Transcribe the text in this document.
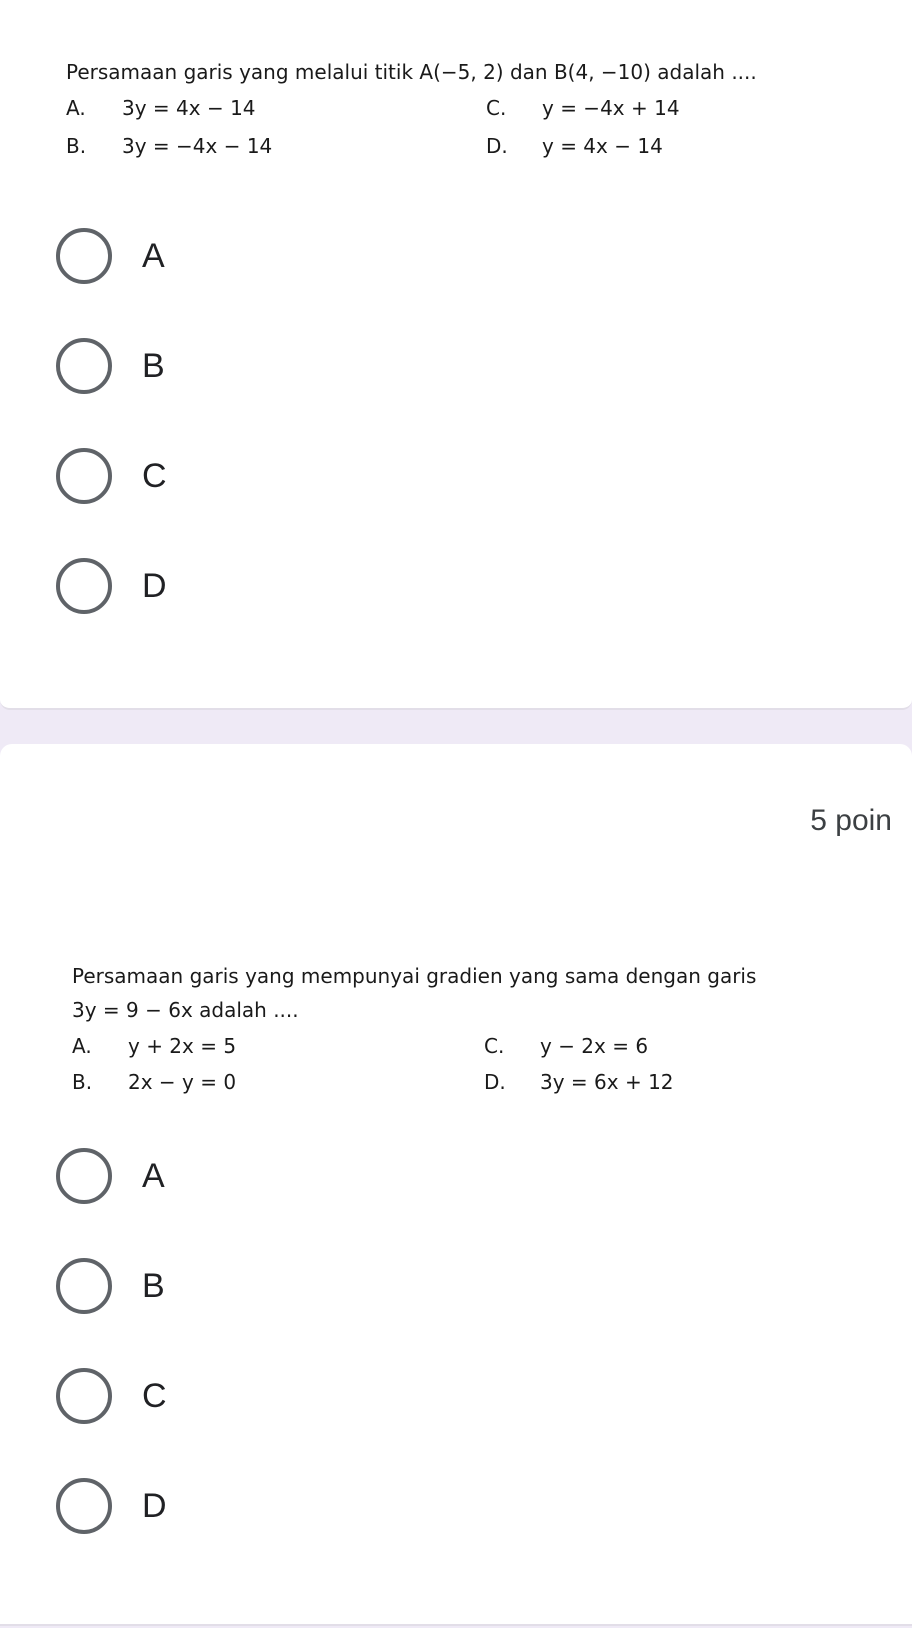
Persamaan garis yang melalui titik A(−5, 2) dan B(4, −10) adalah ....
A. 3y = 4x − 14
B. 3y = −4x − 14
C. y = −4x + 14
D. y = 4x − 14
A
B
C
D
5 poin
Persamaan garis yang mempunyai gradien yang sama dengan garis
3y = 9 − 6x adalah ....
A. y + 2x = 5
B. 2x − y = 0
C. y − 2x = 6
D. 3y = 6x + 12
A
B
C
D
